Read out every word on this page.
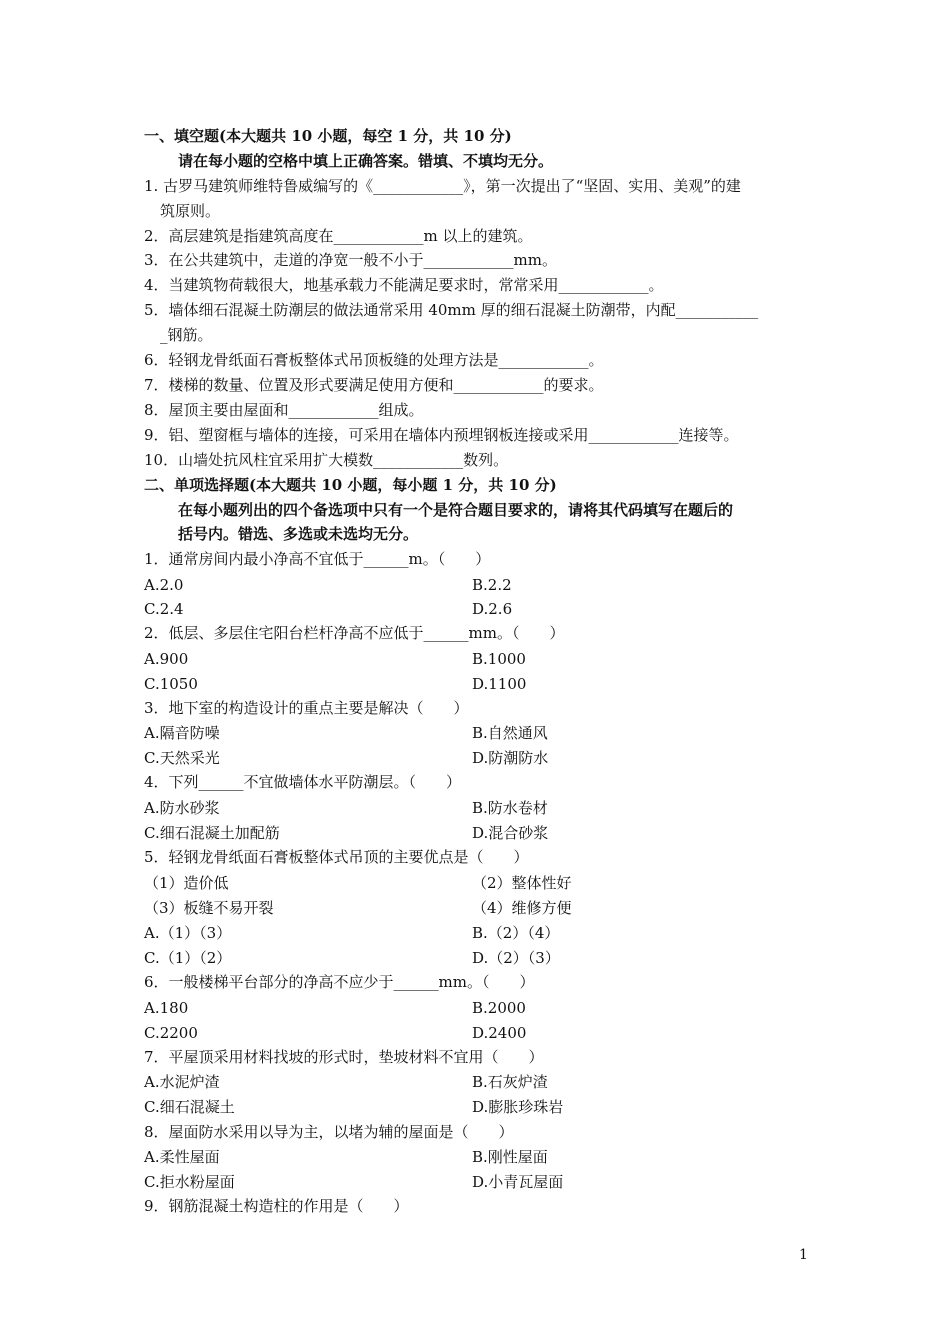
一、填空题(本大题共 10 小题，每空 1 分，共 10 分)
请在每小题的空格中填上正确答案。错填、不填均无分。
1. 古罗马建筑师维特鲁威编写的《____________》，第一次提出了“坚固、实用、美观”的建
筑原则。
2．高层建筑是指建筑高度在____________m 以上的建筑。
3．在公共建筑中，走道的净宽一般不小于____________mm。
4．当建筑物荷载很大，地基承载力不能满足要求时，常常采用____________。
5．墙体细石混凝土防潮层的做法通常采用 40mm 厚的细石混凝土防潮带，内配___________
_钢筋。
6．轻钢龙骨纸面石膏板整体式吊顶板缝的处理方法是____________。
7．楼梯的数量、位置及形式要满足使用方便和____________的要求。
8．屋顶主要由屋面和____________组成。
9．铝、塑窗框与墙体的连接，可采用在墙体内预埋钢板连接或采用____________连接等。
10．山墙处抗风柱宜采用扩大模数____________数列。
二、单项选择题(本大题共 10 小题，每小题 1 分，共 10 分)
在每小题列出的四个备选项中只有一个是符合题目要求的，请将其代码填写在题后的
括号内。错选、多选或未选均无分。
1．通常房间内最小净高不宜低于______m。（　　）
A.2.0	B.2.2
C.2.4	D.2.6
2．低层、多层住宅阳台栏杆净高不应低于______mm。（　　）
A.900	B.1000
C.1050	D.1100
3．地下室的构造设计的重点主要是解决（　　）
A.隔音防噪	B.自然通风
C.天然采光	D.防潮防水
4．下列______不宜做墙体水平防潮层。（　　）
A.防水砂浆	B.防水卷材
C.细石混凝土加配筋	D.混合砂浆
5．轻钢龙骨纸面石膏板整体式吊顶的主要优点是（　　）
（1）造价低	（2）整体性好
（3）板缝不易开裂	（4）维修方便
A.（1）（3）	B.（2）（4）
C.（1）（2）	D.（2）（3）
6．一般楼梯平台部分的净高不应少于______mm。（　　）
A.180	B.2000
C.2200	D.2400
7．平屋顶采用材料找坡的形式时，垫坡材料不宜用（　　）
A.水泥炉渣	B.石灰炉渣
C.细石混凝土	D.膨胀珍珠岩
8．屋面防水采用以导为主，以堵为辅的屋面是（　　）
A.柔性屋面	B.刚性屋面
C.拒水粉屋面	D.小青瓦屋面
9．钢筋混凝土构造柱的作用是（　　）
1
